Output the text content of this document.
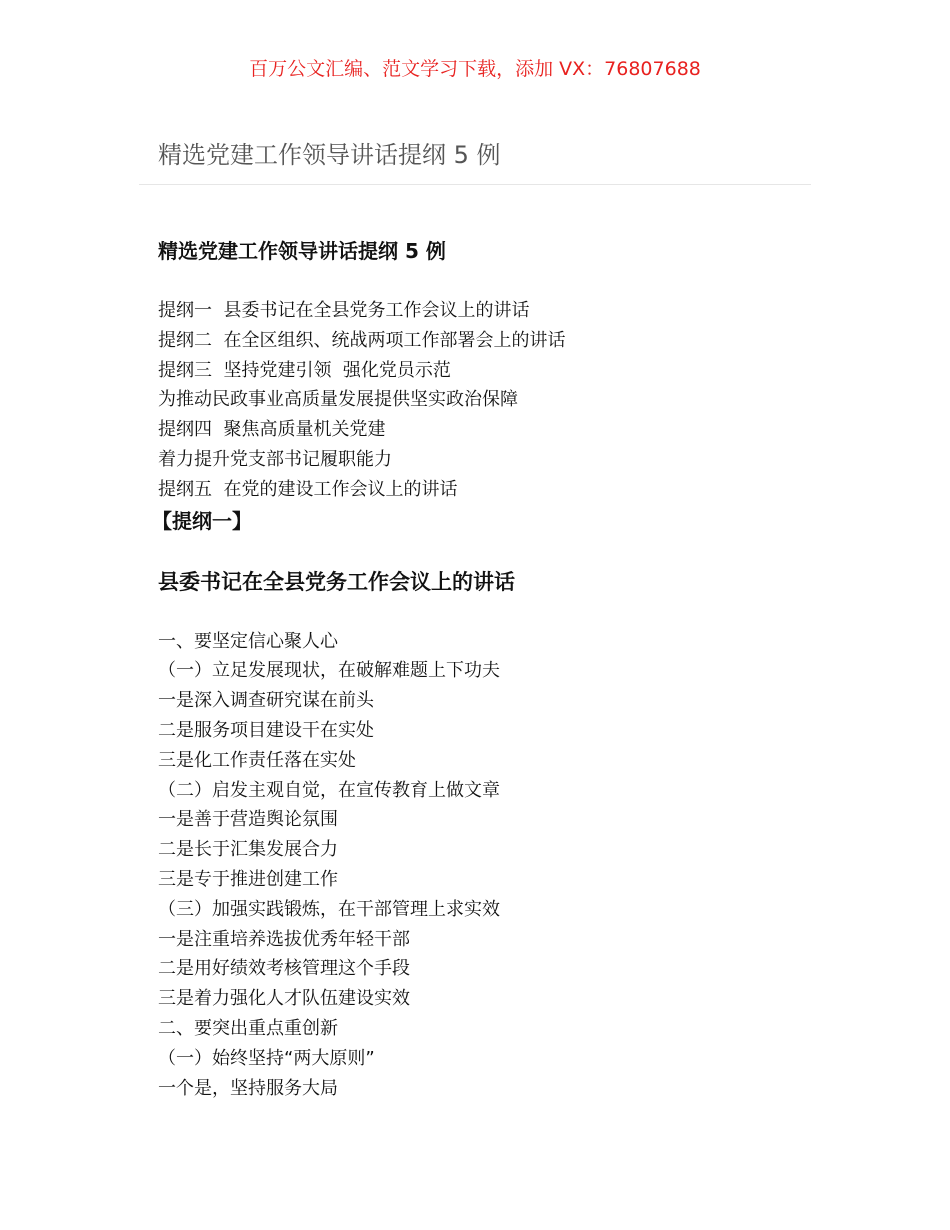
百万公文汇编、范文学习下载，添加 VX：76807688
精选党建工作领导讲话提纲 5 例
精选党建工作领导讲话提纲 5 例
提纲一  县委书记在全县党务工作会议上的讲话
提纲二  在全区组织、统战两项工作部署会上的讲话
提纲三  坚持党建引领  强化党员示范
为推动民政事业高质量发展提供坚实政治保障
提纲四  聚焦高质量机关党建
着力提升党支部书记履职能力
提纲五  在党的建设工作会议上的讲话
【提纲一】
县委书记在全县党务工作会议上的讲话
一、要坚定信心聚人心
（一）立足发展现状，在破解难题上下功夫
一是深入调查研究谋在前头
二是服务项目建设干在实处
三是化工作责任落在实处
（二）启发主观自觉，在宣传教育上做文章
一是善于营造舆论氛围
二是长于汇集发展合力
三是专于推进创建工作
（三）加强实践锻炼，在干部管理上求实效
一是注重培养选拔优秀年轻干部
二是用好绩效考核管理这个手段
三是着力强化人才队伍建设实效
二、要突出重点重创新
（一）始终坚持“两大原则”
一个是，坚持服务大局
